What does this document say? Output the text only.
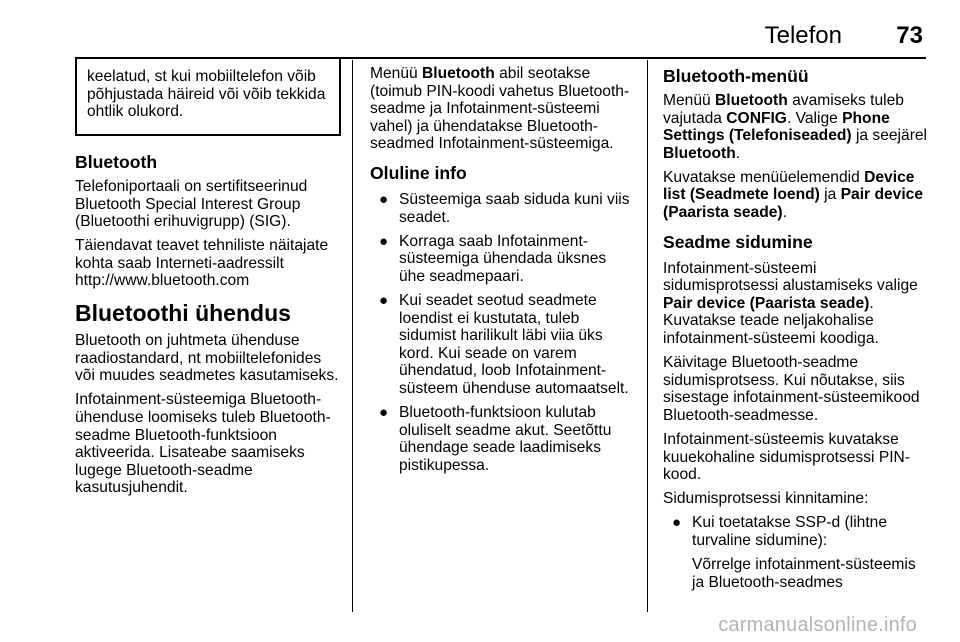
Telefon 73

keelatud, st kui mobiiltelefon võib põhjustada häireid või võib tekkida ohtlik olukord.

Bluetooth

Telefoniportaali on sertifitseerinud Bluetooth Special Interest Group (Bluetoothi erihuvigrupp) (SIG).

Täiendavat teavet tehniliste näitajate kohta saab Interneti-aadressilt http://www.bluetooth.com

Bluetoothi ühendus

Bluetooth on juhtmeta ühenduse raadiostandard, nt mobiiltelefonides või muudes seadmetes kasutamiseks.

Infotainment-süsteemiga Bluetooth-ühenduse loomiseks tuleb Bluetooth-seadme Bluetooth-funktsioon aktiveerida. Lisateabe saamiseks lugege Bluetooth-seadme kasutusjuhendit.

Menüü Bluetooth abil seotakse (toimub PIN-koodi vahetus Bluetooth-seadme ja Infotainment-süsteemi vahel) ja ühendatakse Bluetooth-seadmed Infotainment-süsteemiga.

Oluline info
● Süsteemiga saab siduda kuni viis seadet.
● Korraga saab Infotainment-süsteemiga ühendada üksnes ühe seadmepaari.
● Kui seadet seotud seadmete loendist ei kustutata, tuleb sidumist harilikult läbi viia üks kord. Kui seade on varem ühendatud, loob Infotainment-süsteem ühenduse automaatselt.
● Bluetooth-funktsioon kulutab oluliselt seadme akut. Seetõttu ühendage seade laadimiseks pistikupessa.
Bluetooth-menüü

Menüü Bluetooth avamiseks tuleb vajutada CONFIG. Valige Phone Settings (Telefoniseaded) ja seejärel Bluetooth.

Kuvatakse menüüelemendid Device list (Seadmete loend) ja Pair device (Paarista seade).

Seadme sidumine

Infotainment-süsteemi sidumisprotsessi alustamiseks valige Pair device (Paarista seade). Kuvatakse teade neljakohalise infotainment-süsteemi koodiga.

Käivitage Bluetooth-seadme sidumisprotsess. Kui nõutakse, siis sisestage infotainment-süsteemikood Bluetooth-seadmesse.

Infotainment-süsteemis kuvatakse kuuekohaline sidumisprotsessi PIN-kood.

Sidumisprotsessi kinnitamine:

● Kui toetatakse SSP-d (lihtne turvaline sidumine):

Võrrelge infotainment-süsteemis ja Bluetooth-seadmes

carmanualsonline.info
